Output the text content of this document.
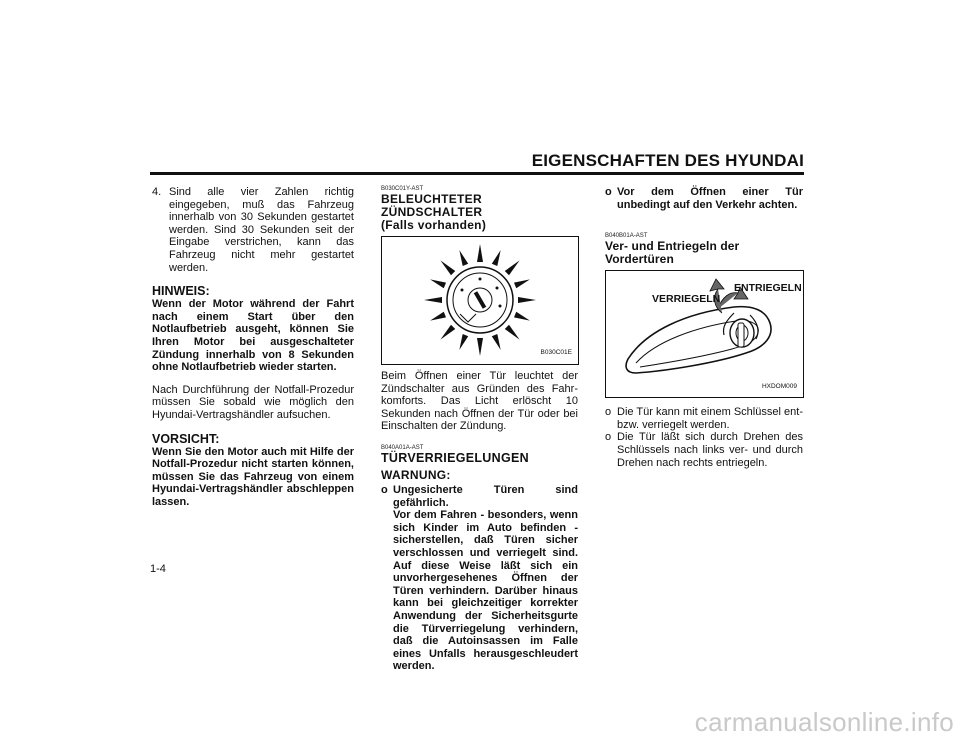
EIGENSCHAFTEN DES HYUNDAI
4. Sind alle vier Zahlen richtig eingegeben, muß das Fahrzeug innerhalb von 30 Sekunden gestartet werden. Sind 30 Sekunden seit der Eingabe verstrichen, kann das Fahrzeug nicht mehr gestartet werden.
HINWEIS:

Wenn der Motor während der Fahrt nach einem Start über den Notlaufbetrieb ausgeht, können Sie Ihren Motor bei ausgeschalteter Zündung innerhalb von 8 Sekunden ohne Notlaufbetrieb wieder starten.

Nach Durchführung der Notfall-Prozedur müssen Sie sobald wie möglich den Hyundai-Vertragshändler aufsuchen.

VORSICHT:

Wenn Sie den Motor auch mit Hilfe der Notfall-Prozedur nicht starten können, müssen Sie das Fahrzeug von einem Hyundai-Vertragshändler abschleppen lassen.

B030C01Y-AST
BELEUCHTETER ZÜNDSCHALTER
(Falls vorhanden)
B030C01E

Beim Öffnen einer Tür leuchtet der Zündschalter aus Gründen des Fahr-komforts. Das Licht erlöscht 10 Sekunden nach Öffnen der Tür oder bei Einschalten der Zündung.

B040A01A-AST
TÜRVERRIEGELUNGEN
WARNUNG:
o Ungesicherte Türen sind gefährlich.
Vor dem Fahren - besonders, wenn sich Kinder im Auto befinden - sicherstellen, daß Türen sicher verschlossen und verriegelt sind. Auf diese Weise läßt sich ein unvorhergesehenes Öffnen der Türen verhindern. Darüber hinaus kann bei gleichzeitiger korrekter Anwendung der Sicherheitsgurte die Türverriegelung verhindern, daß die Autoinsassen im Falle eines Unfalls herausgeschleudert werden.
o Vor dem Öffnen einer Tür unbedingt auf den Verkehr achten.
B040B01A-AST
Ver- und Entriegeln der Vordertüren
ENTRIEGELN
VERRIEGELN
HXDOM009
o Die Tür kann mit einem Schlüssel ent- bzw. verriegelt werden.
o Die Tür läßt sich durch Drehen des Schlüssels nach links ver- und durch Drehen nach rechts entriegeln.
1-4
carmanualsonline.info
